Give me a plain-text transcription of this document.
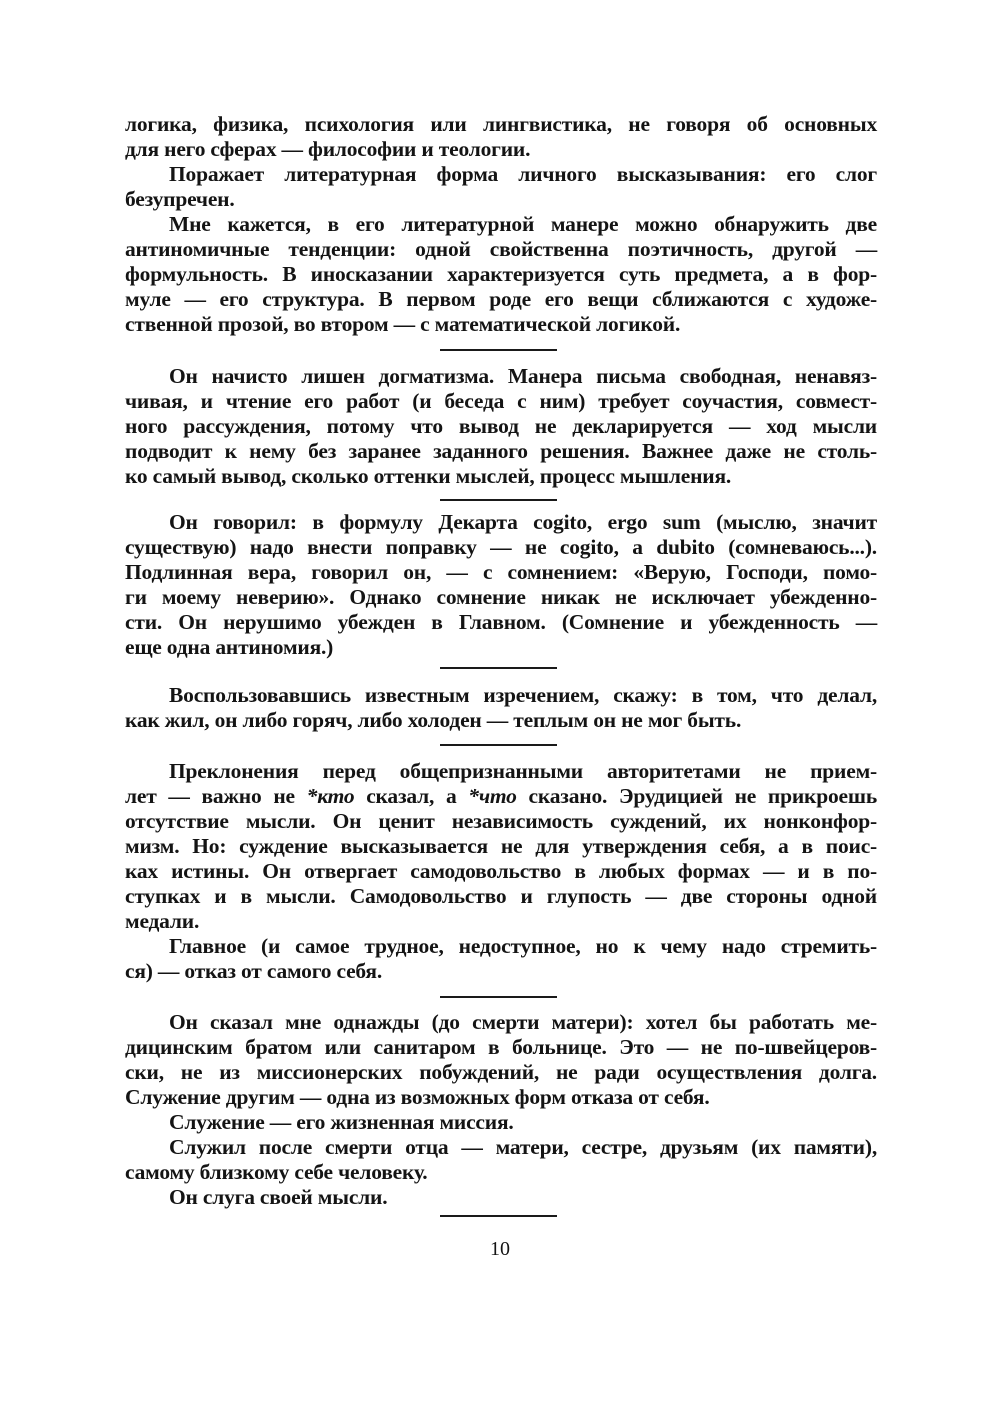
логика, физика, психология или лингвистика, не говоря об основных
для него сферах — философии и теологии.
Поражает литературная форма личного высказывания: его слог
безупречен.
Мне кажется, в его литературной манере можно обнаружить две
антиномичные тенденции: одной свойственна поэтичность, другой —
формульность. В иносказании характеризуется суть предмета, а в фор-
муле — его структура. В первом роде его вещи сближаются с художе-
ственной прозой, во втором — с математической логикой.
Он начисто лишен догматизма. Манера письма свободная, ненавяз-
чивая, и чтение его работ (и беседа с ним) требует соучастия, совмест-
ного рассуждения, потому что вывод не декларируется — ход мысли
подводит к нему без заранее заданного решения. Важнее даже не столь-
ко самый вывод, сколько оттенки мыслей, процесс мышления.
Он говорил: в формулу Декарта cogito, ergo sum (мыслю, значит
существую) надо внести поправку — не cogito, а dubito (сомневаюсь...).
Подлинная вера, говорил он, — с сомнением: «Верую, Господи, помо-
ги моему неверию». Однако сомнение никак не исключает убежденно-
сти. Он нерушимо убежден в Главном. (Сомнение и убежденность —
еще одна антиномия.)
Воспользовавшись известным изречением, скажу: в том, что делал,
как жил, он либо горяч, либо холоден — теплым он не мог быть.
Преклонения перед общепризнанными авторитетами не прием-
лет — важно не *кто сказал, а *что сказано. Эрудицией не прикроешь
отсутствие мысли. Он ценит независимость суждений, их нонконфор-
мизм. Но: суждение высказывается не для утверждения себя, а в поис-
ках истины. Он отвергает самодовольство в любых формах — и в по-
ступках и в мысли. Самодовольство и глупость — две стороны одной
медали.
Главное (и самое трудное, недоступное, но к чему надо стремить-
ся) — отказ от самого себя.
Он сказал мне однажды (до смерти матери): хотел бы работать ме-
дицинским братом или санитаром в больнице. Это — не по-швейцеров-
ски, не из миссионерских побуждений, не ради осуществления долга.
Служение другим — одна из возможных форм отказа от себя.
Служение — его жизненная миссия.
Служил после смерти отца — матери, сестре, друзьям (их памяти),
самому близкому себе человеку.
Он слуга своей мысли.
10
